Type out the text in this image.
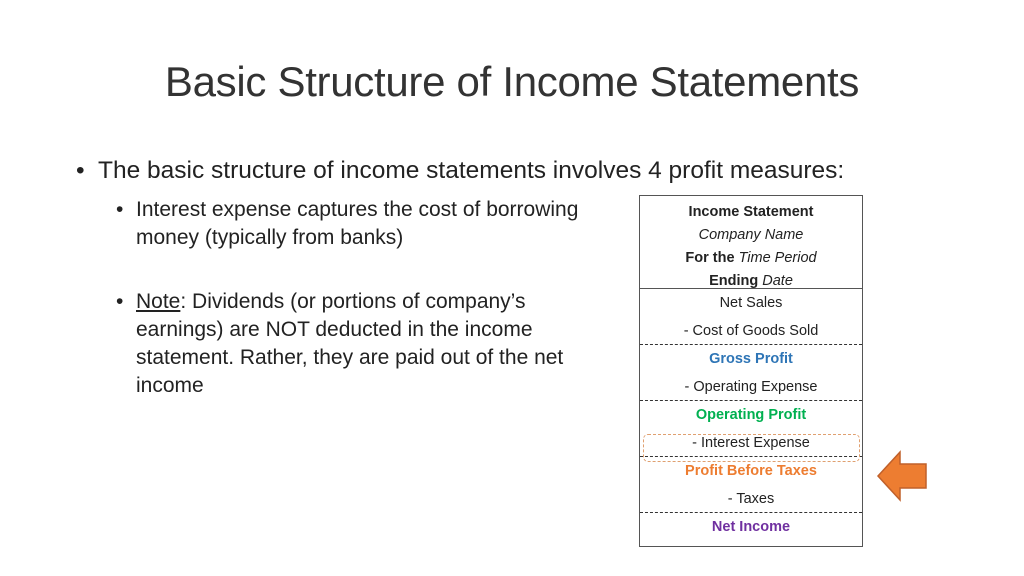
Basic Structure of Income Statements
• The basic structure of income statements involves 4 profit measures:
• Interest expense captures the cost of borrowing money (typically from banks)
• Note: Dividends (or portions of company’s earnings) are NOT deducted in the income statement. Rather, they are paid out of the net income
Income Statement
Company Name
For the Time Period
Ending Date
Net Sales
- Cost of Goods Sold
Gross Profit
- Operating Expense
Operating Profit
- Interest Expense
Profit Before Taxes
- Taxes
Net Income
